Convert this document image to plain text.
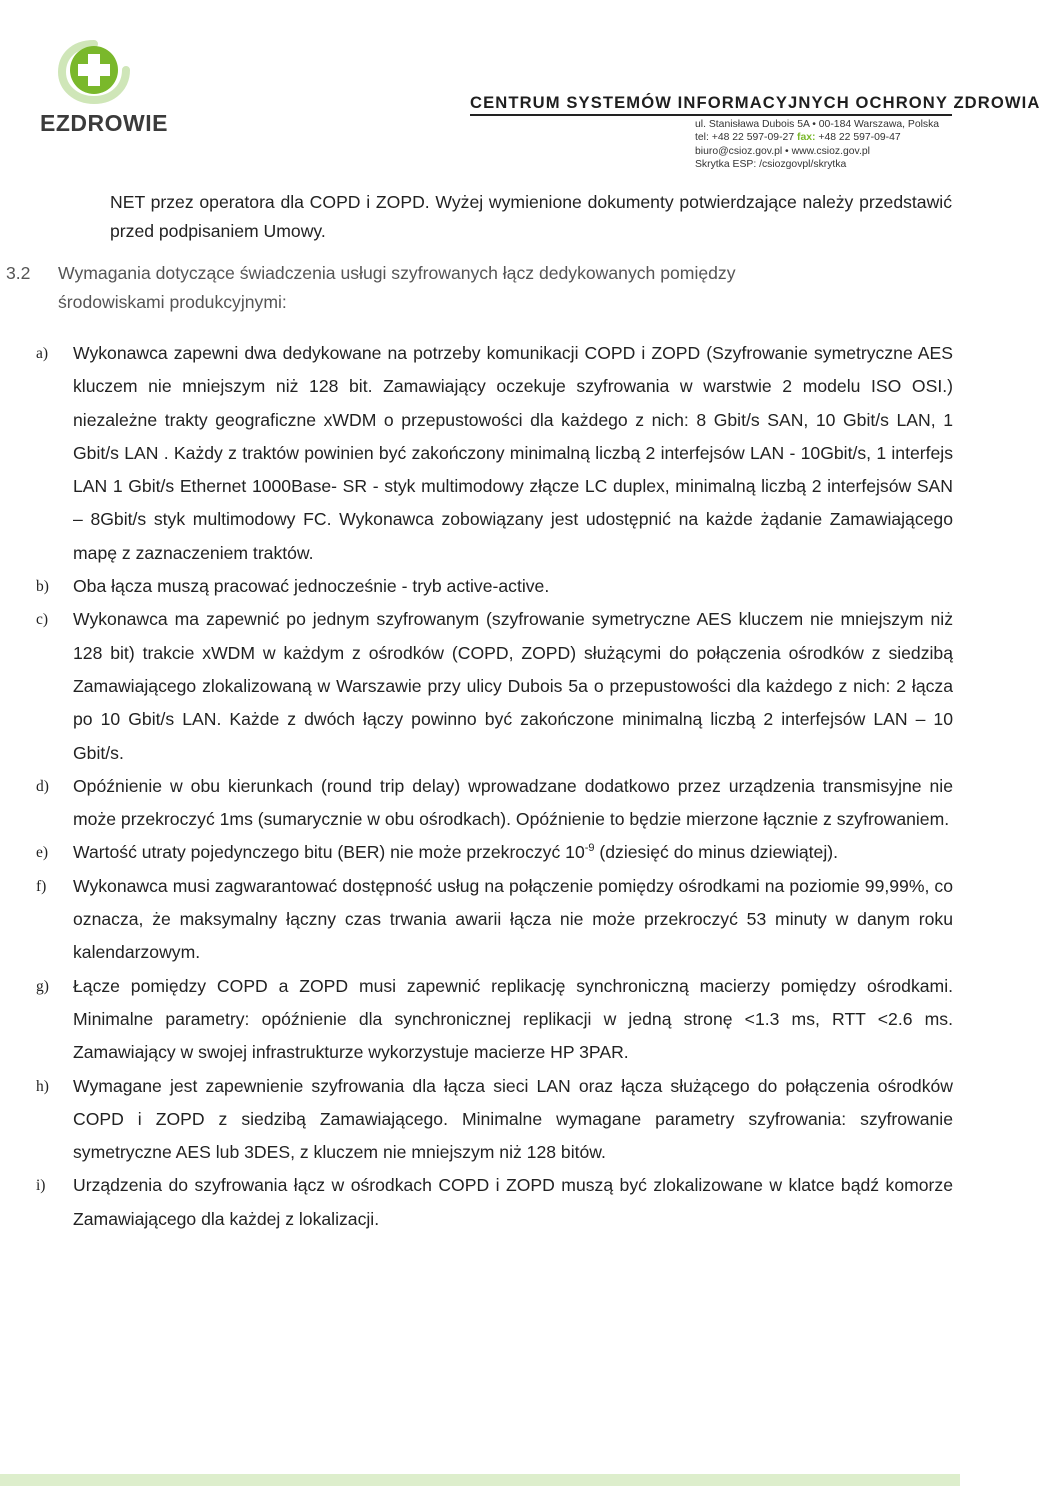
EZDROWIE
CENTRUM SYSTEMÓW INFORMACYJNYCH OCHRONY ZDROWIA
ul. Stanisława Dubois 5A • 00-184 Warszawa, Polska
tel: +48 22 597-09-27 fax: +48 22 597-09-47
biuro@csioz.gov.pl • www.csioz.gov.pl
Skrytka ESP: /csiozgovpl/skrytka
NET przez operatora dla COPD i ZOPD. Wyżej wymienione dokumenty potwierdzające należy przedstawić przed podpisaniem Umowy.
3.2 Wymagania dotyczące świadczenia usługi szyfrowanych łącz dedykowanych pomiędzy
środowiskami produkcyjnymi:
a) Wykonawca zapewni dwa dedykowane na potrzeby komunikacji COPD i ZOPD (Szyfrowanie symetryczne AES kluczem nie mniejszym niż 128 bit. Zamawiający oczekuje szyfrowania w warstwie 2 modelu ISO OSI.) niezależne trakty geograficzne xWDM o przepustowości dla każdego z nich: 8 Gbit/s SAN, 10 Gbit/s LAN, 1 Gbit/s LAN . Każdy z traktów powinien być zakończony minimalną liczbą 2 interfejsów LAN - 10Gbit/s, 1 interfejs LAN 1 Gbit/s Ethernet 1000Base- SR - styk multimodowy złącze LC duplex, minimalną liczbą 2 interfejsów SAN – 8Gbit/s styk multimodowy FC. Wykonawca zobowiązany jest udostępnić na każde żądanie Zamawiającego mapę z zaznaczeniem traktów.
b) Oba łącza muszą pracować jednocześnie - tryb active-active.
c) Wykonawca ma zapewnić po jednym szyfrowanym (szyfrowanie symetryczne AES kluczem nie mniejszym niż 128 bit) trakcie xWDM w każdym z ośrodków (COPD, ZOPD) służącymi do połączenia ośrodków z siedzibą Zamawiającego zlokalizowaną w Warszawie przy ulicy Dubois 5a o przepustowości dla każdego z nich: 2 łącza po 10 Gbit/s LAN. Każde z dwóch łączy powinno być zakończone minimalną liczbą 2 interfejsów LAN – 10 Gbit/s.
d) Opóźnienie w obu kierunkach (round trip delay) wprowadzane dodatkowo przez urządzenia transmisyjne nie może przekroczyć 1ms (sumarycznie w obu ośrodkach). Opóźnienie to będzie mierzone łącznie z szyfrowaniem.
e) Wartość utraty pojedynczego bitu (BER) nie może przekroczyć $10^{-9}$ (dziesięć do minus dziewiątej).
f) Wykonawca musi zagwarantować dostępność usług na połączenie pomiędzy ośrodkami na poziomie 99,99%, co oznacza, że maksymalny łączny czas trwania awarii łącza nie może przekroczyć 53 minuty w danym roku kalendarzowym.
g) Łącze pomiędzy COPD a ZOPD musi zapewnić replikację synchroniczną macierzy pomiędzy ośrodkami. Minimalne parametry: opóźnienie dla synchronicznej replikacji w jedną stronę <1.3 ms, RTT <2.6 ms. Zamawiający w swojej infrastrukturze wykorzystuje macierze HP 3PAR.
h) Wymagane jest zapewnienie szyfrowania dla łącza sieci LAN oraz łącza służącego do połączenia ośrodków COPD i ZOPD z siedzibą Zamawiającego. Minimalne wymagane parametry szyfrowania: szyfrowanie symetryczne AES lub 3DES, z kluczem nie mniejszym niż 128 bitów.
i) Urządzenia do szyfrowania łącz w ośrodkach COPD i ZOPD muszą być zlokalizowane w klatce bądź komorze Zamawiającego dla każdej z lokalizacji.
